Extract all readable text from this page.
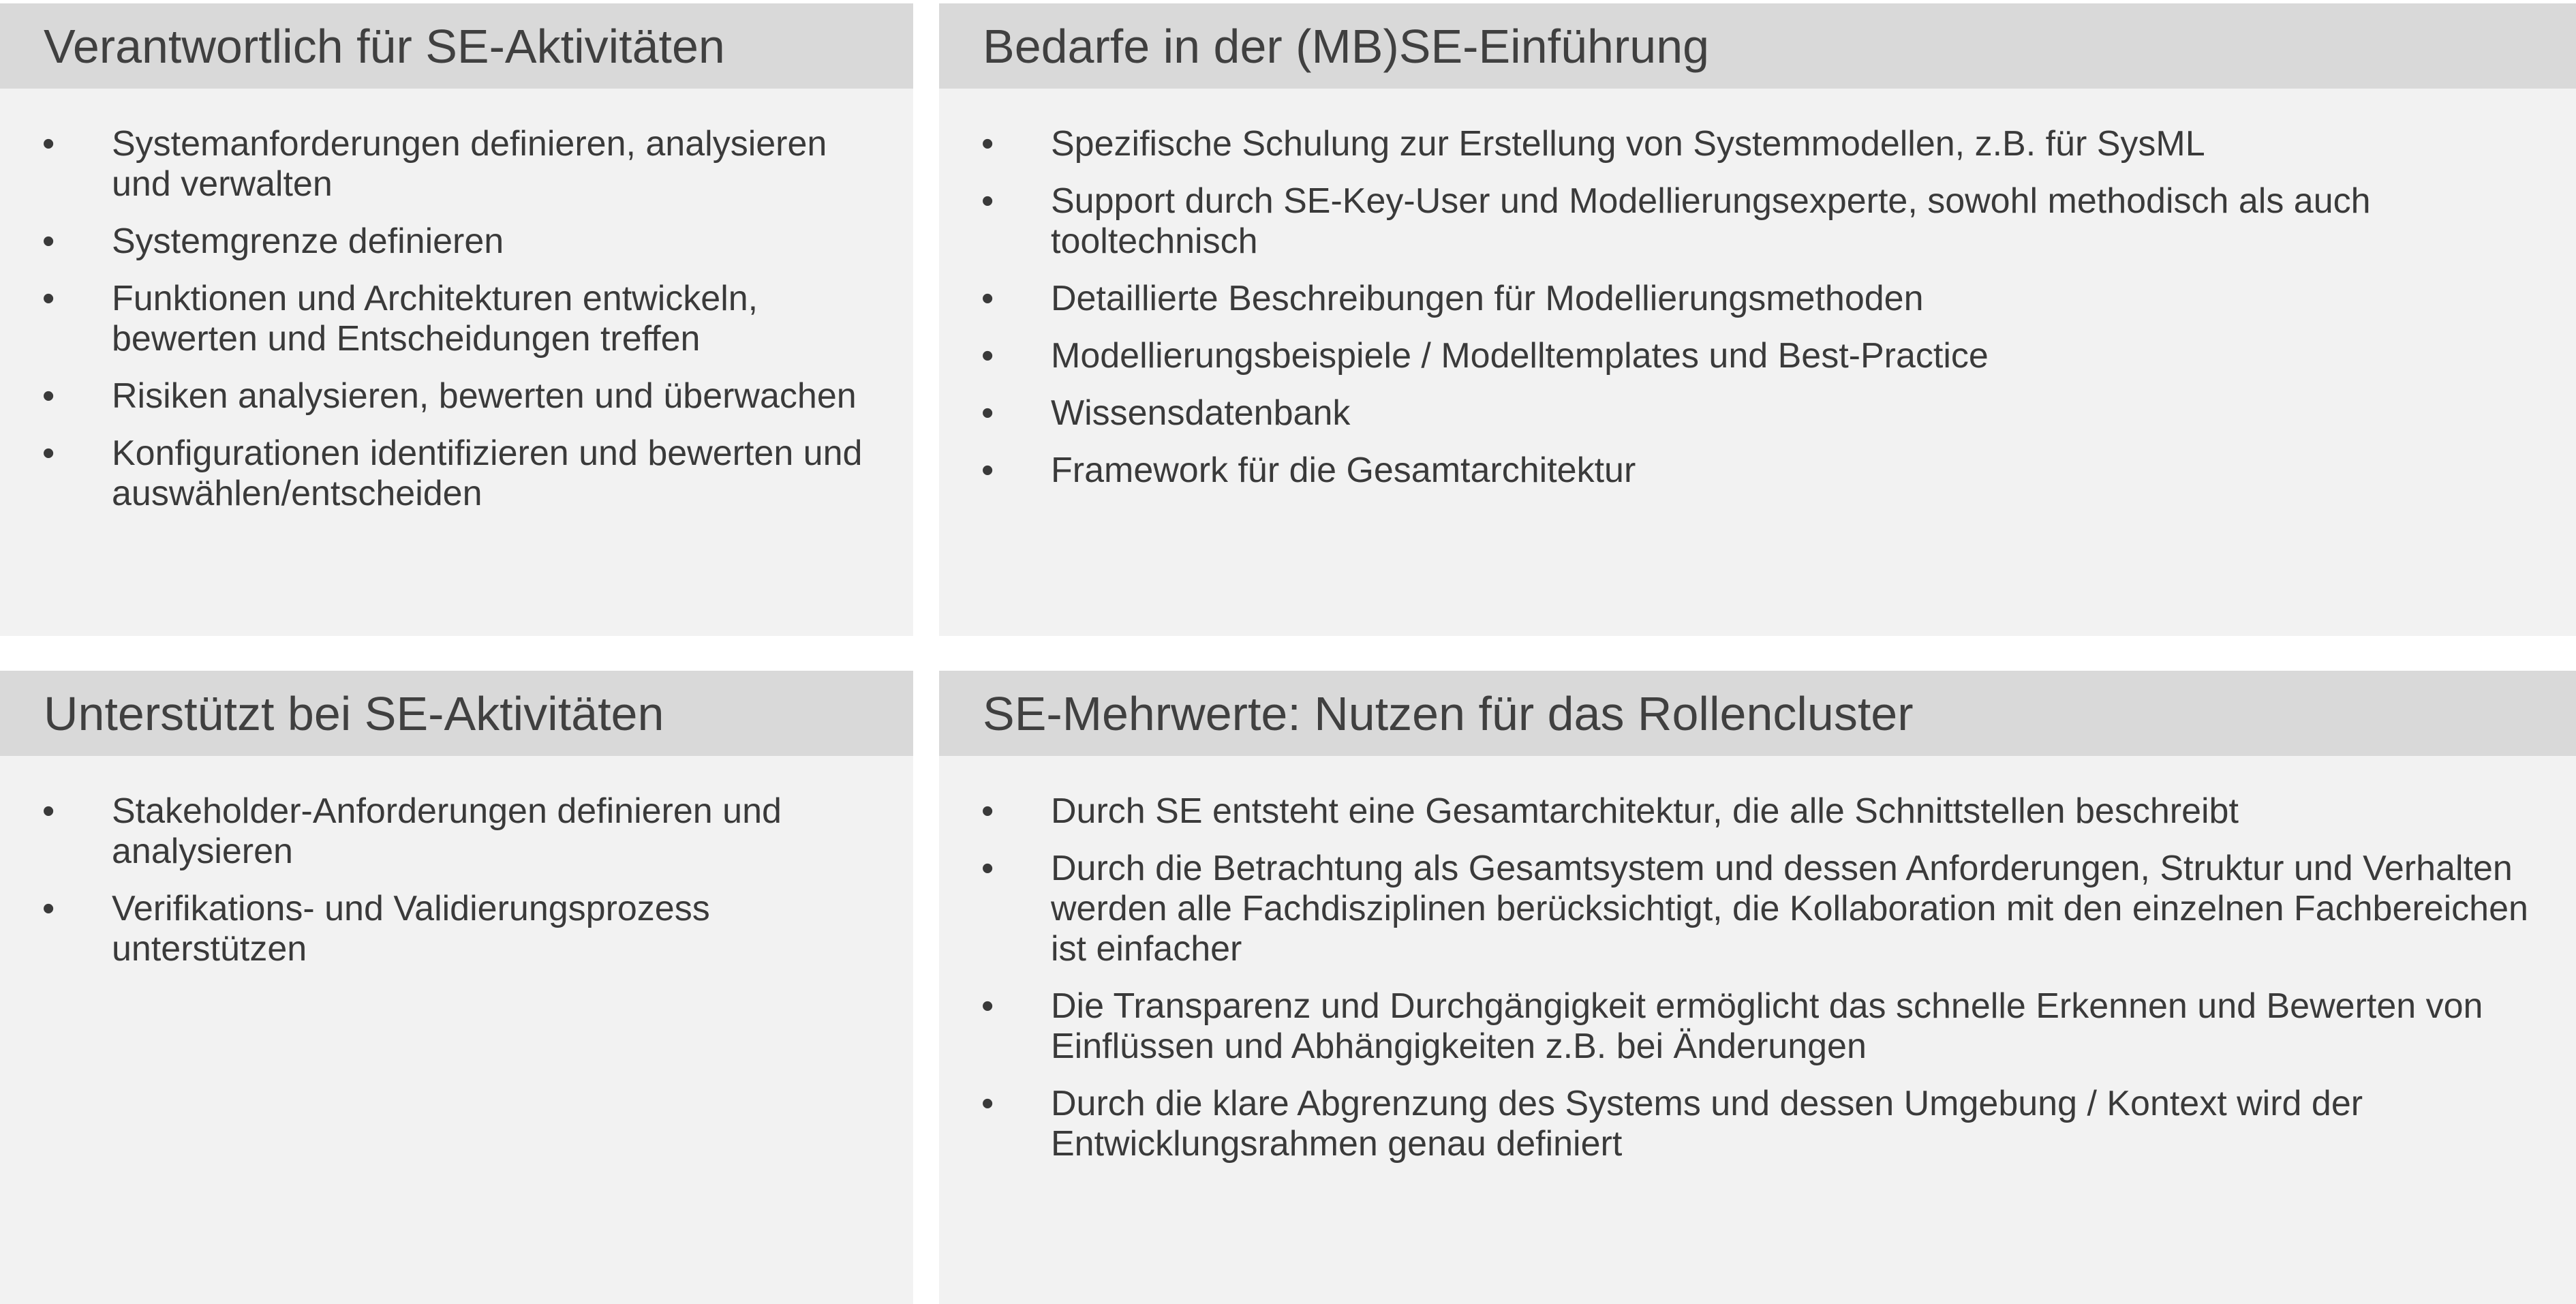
Verantwortlich für SE-Aktivitäten
• Systemanforderungen definieren, analysieren und verwalten
• Systemgrenze definieren
• Funktionen und Architekturen entwickeln, bewerten und Entscheidungen treffen
• Risiken analysieren, bewerten und überwachen
• Konfigurationen identifizieren und bewerten und auswählen/entscheiden
Bedarfe in der (MB)SE-Einführung
• Spezifische Schulung zur Erstellung von Systemmodellen, z.B. für SysML
• Support durch SE-Key-User und Modellierungsexperte, sowohl methodisch als auch tooltechnisch
• Detaillierte Beschreibungen für Modellierungsmethoden
• Modellierungsbeispiele / Modelltemplates und Best-Practice
• Wissensdatenbank
• Framework für die Gesamtarchitektur
Unterstützt bei SE-Aktivitäten
• Stakeholder-Anforderungen definieren und analysieren
• Verifikations- und Validierungsprozess unterstützen
SE-Mehrwerte: Nutzen für das Rollencluster
• Durch SE entsteht eine Gesamtarchitektur, die alle Schnittstellen beschreibt
• Durch die Betrachtung als Gesamtsystem und dessen Anforderungen, Struktur und Verhalten werden alle Fachdisziplinen berücksichtigt, die Kollaboration mit den einzelnen Fachbereichen ist einfacher
• Die Transparenz und Durchgängigkeit ermöglicht das schnelle Erkennen und Bewerten von Einflüssen und Abhängigkeiten z.B. bei Änderungen
• Durch die klare Abgrenzung des Systems und dessen Umgebung / Kontext wird der Entwicklungsrahmen genau definiert
